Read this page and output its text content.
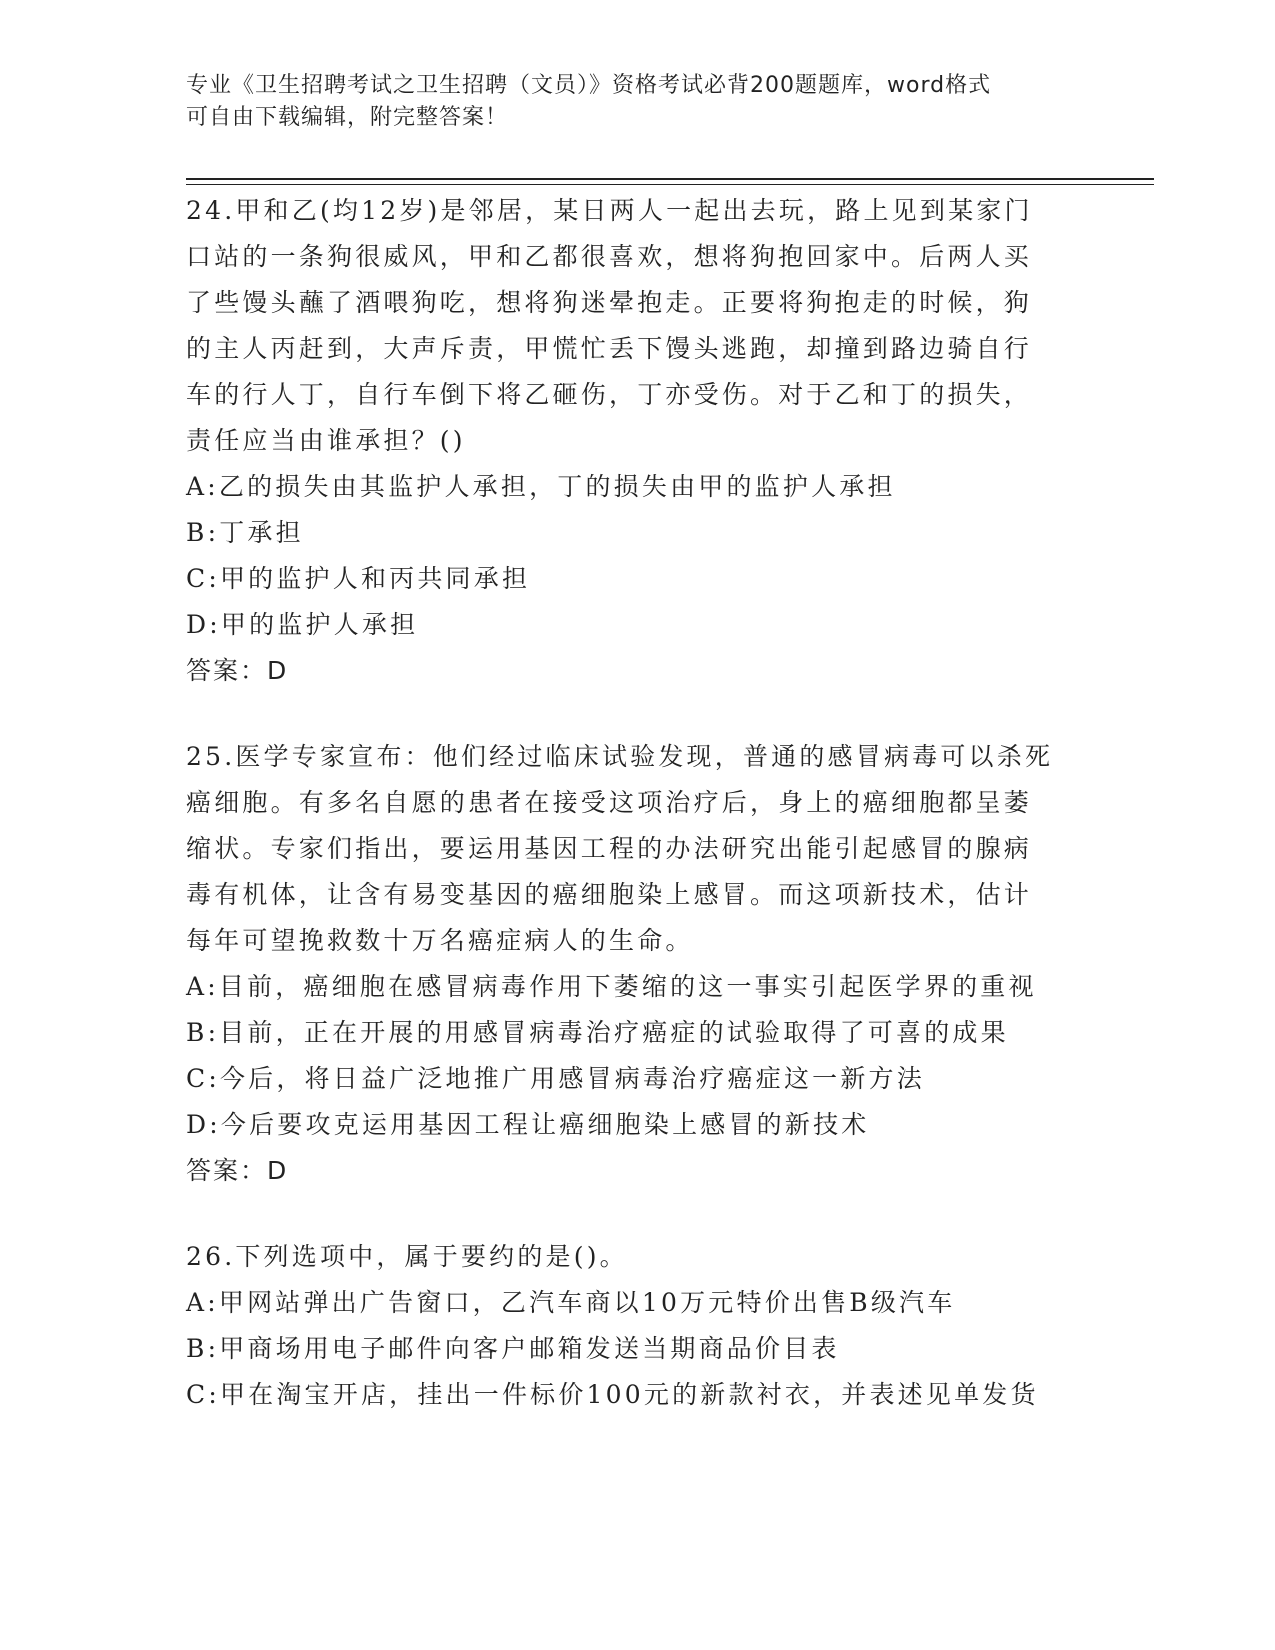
专业《卫生招聘考试之卫生招聘（文员）》资格考试必背200题题库，word格式
可自由下载编辑，附完整答案！
24.甲和乙(均12岁)是邻居，某日两人一起出去玩，路上见到某家门
口站的一条狗很威风，甲和乙都很喜欢，想将狗抱回家中。后两人买
了些馒头蘸了酒喂狗吃，想将狗迷晕抱走。正要将狗抱走的时候，狗
的主人丙赶到，大声斥责，甲慌忙丢下馒头逃跑，却撞到路边骑自行
车的行人丁，自行车倒下将乙砸伤，丁亦受伤。对于乙和丁的损失，
责任应当由谁承担？()
A:乙的损失由其监护人承担，丁的损失由甲的监护人承担
B:丁承担
C:甲的监护人和丙共同承担
D:甲的监护人承担
答案：D
25.医学专家宣布：他们经过临床试验发现，普通的感冒病毒可以杀死
癌细胞。有多名自愿的患者在接受这项治疗后，身上的癌细胞都呈萎
缩状。专家们指出，要运用基因工程的办法研究出能引起感冒的腺病
毒有机体，让含有易变基因的癌细胞染上感冒。而这项新技术，估计
每年可望挽救数十万名癌症病人的生命。
A:目前，癌细胞在感冒病毒作用下萎缩的这一事实引起医学界的重视
B:目前，正在开展的用感冒病毒治疗癌症的试验取得了可喜的成果
C:今后，将日益广泛地推广用感冒病毒治疗癌症这一新方法
D:今后要攻克运用基因工程让癌细胞染上感冒的新技术
答案：D
26.下列选项中，属于要约的是()。
A:甲网站弹出广告窗口，乙汽车商以10万元特价出售B级汽车
B:甲商场用电子邮件向客户邮箱发送当期商品价目表
C:甲在淘宝开店，挂出一件标价100元的新款衬衣，并表述见单发货
